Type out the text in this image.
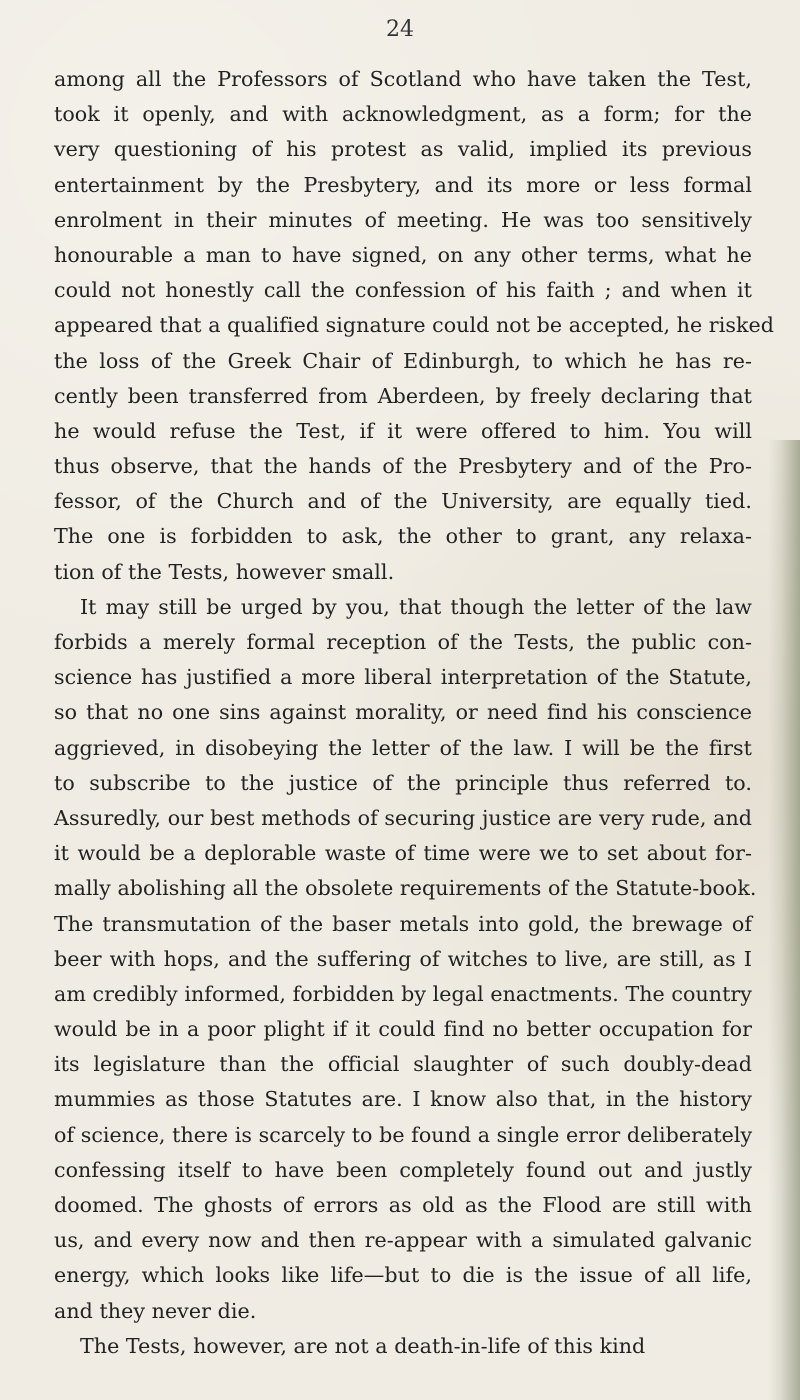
24
among all the Professors of Scotland who have taken the Test,
took it openly, and with acknowledgment, as a form; for the
very questioning of his protest as valid, implied its previous
entertainment by the Presbytery, and its more or less formal
enrolment in their minutes of meeting. He was too sensitively
honourable a man to have signed, on any other terms, what he
could not honestly call the confession of his faith ; and when it
appeared that a qualified signature could not be accepted, he risked
the loss of the Greek Chair of Edinburgh, to which he has re-
cently been transferred from Aberdeen, by freely declaring that
he would refuse the Test, if it were offered to him. You will
thus observe, that the hands of the Presbytery and of the Pro-
fessor, of the Church and of the University, are equally tied.
The one is forbidden to ask, the other to grant, any relaxa-
tion of the Tests, however small.
It may still be urged by you, that though the letter of the law
forbids a merely formal reception of the Tests, the public con-
science has justified a more liberal interpretation of the Statute,
so that no one sins against morality, or need find his conscience
aggrieved, in disobeying the letter of the law. I will be the first
to subscribe to the justice of the principle thus referred to.
Assuredly, our best methods of securing justice are very rude, and
it would be a deplorable waste of time were we to set about for-
mally abolishing all the obsolete requirements of the Statute-book.
The transmutation of the baser metals into gold, the brewage of
beer with hops, and the suffering of witches to live, are still, as I
am credibly informed, forbidden by legal enactments. The country
would be in a poor plight if it could find no better occupation for
its legislature than the official slaughter of such doubly-dead
mummies as those Statutes are. I know also that, in the history
of science, there is scarcely to be found a single error deliberately
confessing itself to have been completely found out and justly
doomed. The ghosts of errors as old as the Flood are still with
us, and every now and then re-appear with a simulated galvanic
energy, which looks like life—but to die is the issue of all life,
and they never die.
The Tests, however, are not a death-in-life of this kind
